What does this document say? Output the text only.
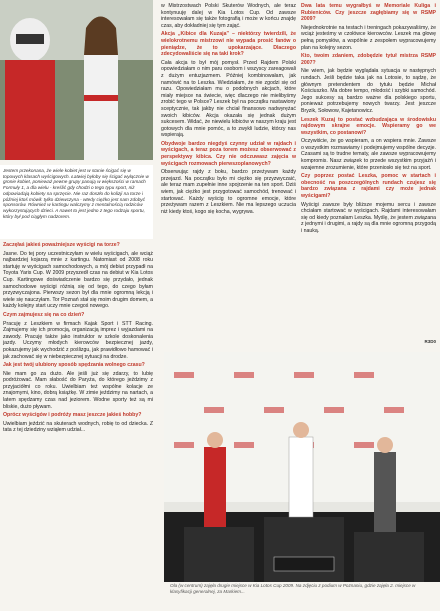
Jestem przekonana, że wiele kobiet jest w stanie ścigać się w topowych klasach wyścigowych. Łatwiej byłoby się ścigać wyłącznie w gronie kobiet, ponieważ pewne grupy panują w większości w ramach Formuły 1, a dla wielu - kreślić gdy chodzi o tego typu sport, niż odpowiadają kobiety na sprzęcie. Nie raz doszło do kolizji na torze i później ktoś mówił: tylko dziewczyna - wtedy ciężko jest nam zdobyć sponsorów. Również w kartingu walczymy z mentalnością rodziców wykorzystujących dzieci. A nawet to jest jedno z tego rodzaju sportu, który był pod ciągłym nadzorem.

Zaczęłaś jakieś poważniejsze wyścigi na torze?

Jasne. Do tej pory uczestniczyłam w wielu wyścigach, ale wciąż najbardziej kojarzą mnie z kartingu. Natomiast od 2008 roku startuję w wyścigach samochodowych, a mój debiut przypadł na Toyota Yaris Cup. W 2009 przyszedł czas na debiut w Kia Lotos Cup. Kartingowe doświadczenie bardzo się przydało, jednak samochodowe wyścigi różnią się od tego, do czego byłam przyzwyczajona. Pierwszy sezon był dla mnie ogromną lekcją i wiele się nauczyłam. Tor Poznań stał się moim drugim domem, a każdy kolejny start uczy mnie czegoś nowego.

Czym zajmujesz się na co dzień?

Pracuję z Leszkiem w firmach Kajak Sport i STT Racing. Zajmujemy się ich promocją, organizacją imprez i wyjazdami na zawody. Pracuję także jako instruktor w szkole doskonalenia jazdy. Uczymy młodych kierowców bezpiecznej jazdy, pokazujemy jak wychodzić z poślizgu, jak prawidłowo hamować i jak zachować się w niebezpiecznej sytuacji na drodze.

Jak jest twój ulubiony sposób spędzania wolnego czasu?

Nie mam go za dużo. Ale jeśli już się zdarzy, to lubię podróżować. Mam słabość do Paryża, do którego jeździmy z przyjaciółmi co roku. Uwielbiam też wspólne kolacje ze znajomymi, kino, dobrą książkę. W zimie jeździmy na nartach, a latem spędzamy czas nad jeziorem. Wodne sporty też są mi bliskie, dużo pływam.

Oprócz wyścigów i podróży masz jeszcze jakieś hobby?

Uwielbiam jeździć na skuterach wodnych, robię to od dziecka. Z tata z tej dziedziny wziąłem udział...

w Mistrzostwach Polski Skuterów Wodnych, ale teraz kontynuuję dalej w Kia Lotos Cup. Od zawsze interesowałam się także fotografią i może w końcu znajdę czas, aby dokładniej się tym zająć.

Akcja „Kibice dla Kuzaja" – niektórzy twierdzili, że wielokrotnemu mistrzowi nie wypada prosić fanów o pieniądze, że to upokarzające. Dlaczego zdecydowaliście się na taki krok?

Cała akcja to był mój pomysł. Przed Rajdem Polski opowiedziałam o nim paru osobom i wszyscy zareagowali z dużym entuzjazmem. Później kombinowałam, jak namówić na to Leszka. Wiedziałam, że nie zgodzi się od razu. Opowiedziałam mu o podobnych akcjach, które miały miejsce na świecie, więc dlaczego nie mielibyśmy zrobić tego w Polsce? Leszek był na początku nastawiony sceptycznie, tak jakby nie chciał finansowo nadwyrężać swoich kibiców. Akcja okazała się jednak dużym sukcesem. Widać, że niewielu kibiców w naszym kraju jest gotowych dla mnie pomóc, a to zwykli ludzie, którzy nas wspierają.

Obydwoje bardzo niegdyś czynny udział w rajdach i wyścigach, a teraz poza torem możesz obserwować z perspektywy kibica. Czy nie odczuwasz zajęcia w wyścigach rozmowach pierwszoplanowych?

Obserwując rajdy z boku, bardzo przeżywam każdy przejazd. Na początku było mi ciężko się przyzwyczaić, ale teraz mam zupełnie inne spojrzenie na ten sport. Dziś wiem, jak ciężko jest przygotować samochód, trenować i startować. Każdy wyścig to ogromne emocje, które przeżywam razem z Leszkiem. Nie ma lepszego uczucia niż kiedy ktoś, kogo się kocha, wygrywa.

Dwa lata temu wygrałbyś w Memoriale Kuliga i Rubieniców. Czy jeszcze zagłębiamy się w RSMP 2009?

Niejednokrotnie na testach i treningach pokazywaliśmy, że wciąż jesteśmy w czołówce kierowców. Leszek ma głowę pełną pomysłów, a wspólnie z zespołem wypracowujemy plan na kolejny sezon.

Kto, twoim zdaniem, zdobędzie tytuł mistrza RSMP 2007?

Nie wiem, jak będzie wyglądała sytuacja w następnych rundach. Jeśli będzie taka jak na Lotosie, to sądzę, że głównym pretendentem do tytułu będzie Michał Kościuszko. Ma dobre tempo, młodość i szybki samochód. Jego sukcesy są bardzo ważne dla polskiego sportu, ponieważ potrzebujemy nowych twarzy. Jest jeszcze Bryzik, Sołowow, Kajetanowicz.

Leszek Kuzaj to postać wzbudzająca w środowisku rajdowym skrajne emocje. Wspieramy go we wszystkim, co postanowi?

Oczywiście, że go wspieram, a on wspiera mnie. Zawsze o wszystkim rozmawiamy i podejmujemy wspólne decyzje. Czasami są to trudne tematy, ale zawsze wypracowujemy kompromis. Nasz związek to przede wszystkim przyjaźń i wzajemne zrozumienie, które przeniosło się też na sport.

Czy poprzez postać Leszka, pomoc w startach i obecność na poszczególnych rundach czujesz się bardzo związana z rajdami czy może jednak wyścigami?

Wyścigi zawsze były bliższe mojemu sercu i zawsze chciałam startować w wyścigach. Rajdami interesowałam się od kiedy poznałam Leszka. Myślę, że jestem związana z jednymi i drugimi, a rajdy są dla mnie ogromną przygodą i nauką.

R3D0
Ola (w centrum) zajęła drugie miejsce w Kia Lotos Cup 2009. Na zdjęciu z podium w Poznaniu, gdzie zajęła 2. miejsce w klasyfikacji generalnej, za Markiem...
